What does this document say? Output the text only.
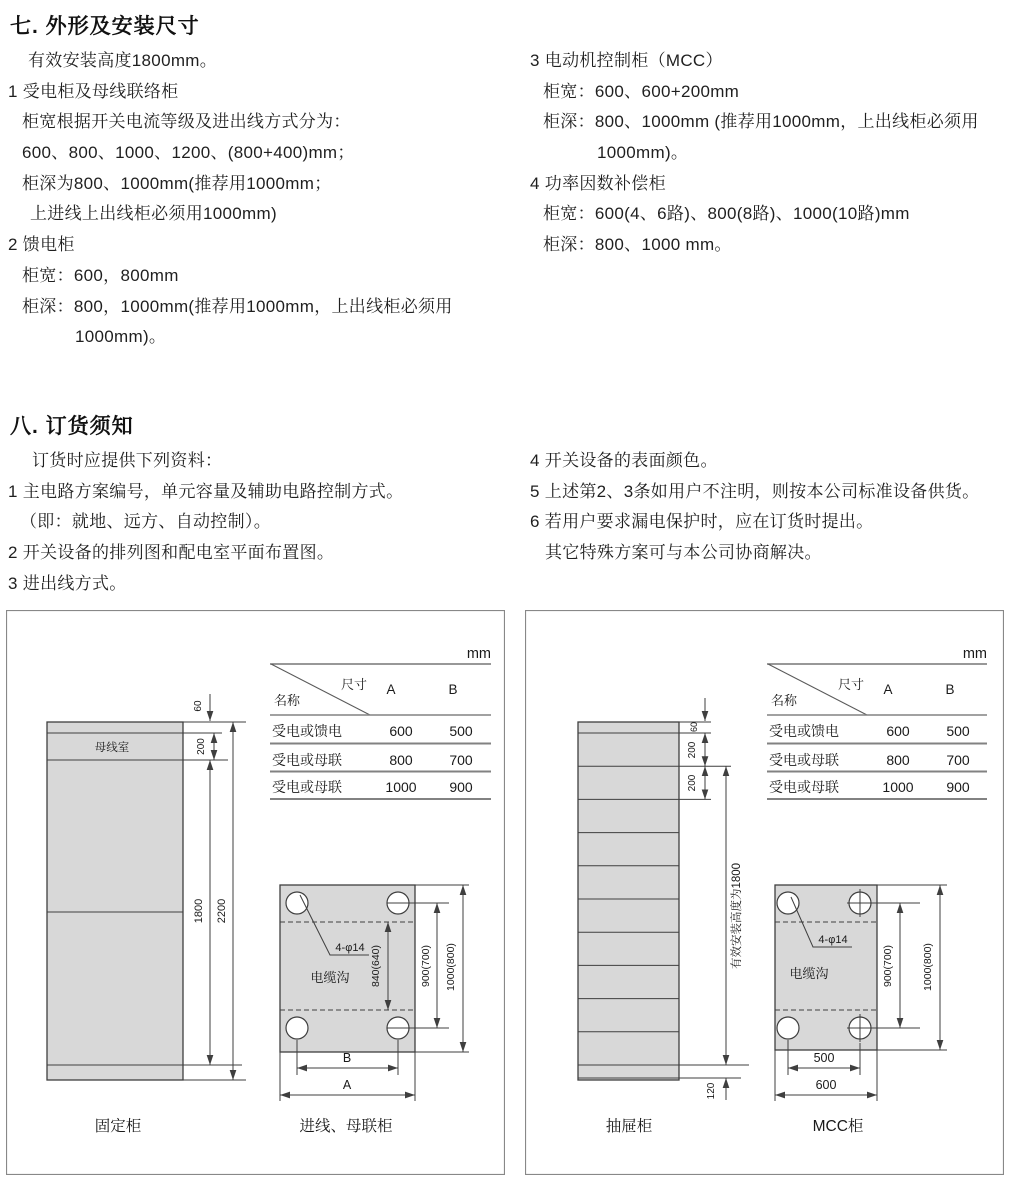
七. 外形及安装尺寸
有效安装高度1800mm。
1 受电柜及母线联络柜
柜宽根据开关电流等级及进出线方式分为：
600、800、1000、1200、(800+400)mm；
柜深为800、1000mm(推荐用1000mm；
上进线上出线柜必须用1000mm)
2 馈电柜
柜宽：600，800mm
柜深：800，1000mm(推荐用1000mm，上出线柜必须用
1000mm)。
3 电动机控制柜（MCC）
柜宽：600、600+200mm
柜深：800、1000mm (推荐用1000mm，上出线柜必须用
1000mm)。
4 功率因数补偿柜
柜宽：600(4、6路)、800(8路)、1000(10路)mm
柜深：800、1000 mm。
八. 订货须知
订货时应提供下列资料：
1 主电路方案编号，单元容量及辅助电路控制方式。
（即：就地、远方、自动控制）。
2 开关设备的排列图和配电室平面布置图。
3 进出线方式。
4 开关设备的表面颜色。
5 上述第2、3条如用户不注明，则按本公司标准设备供货。
6 若用户要求漏电保护时，应在订货时提出。
其它特殊方案可与本公司协商解决。
mm
尺寸
名称
A	B
受电或馈电	600	500
受电或母联	800	700
受电或母联	1000 900
母线室
60
200
1800 2200
固定柜
4-φ14
电缆沟 840(640)	900(700) 1000(800)
B
A
进线、母联柜
mm
尺寸
名称
A	B
受电或馈电	600	500
受电或母联	800	700
受电或母联	1000 900
60
200
200
有效安装高度为1800
120
抽屉柜
4-φ14
电缆沟	900(700)	1000(800)
500
600
MCC柜
